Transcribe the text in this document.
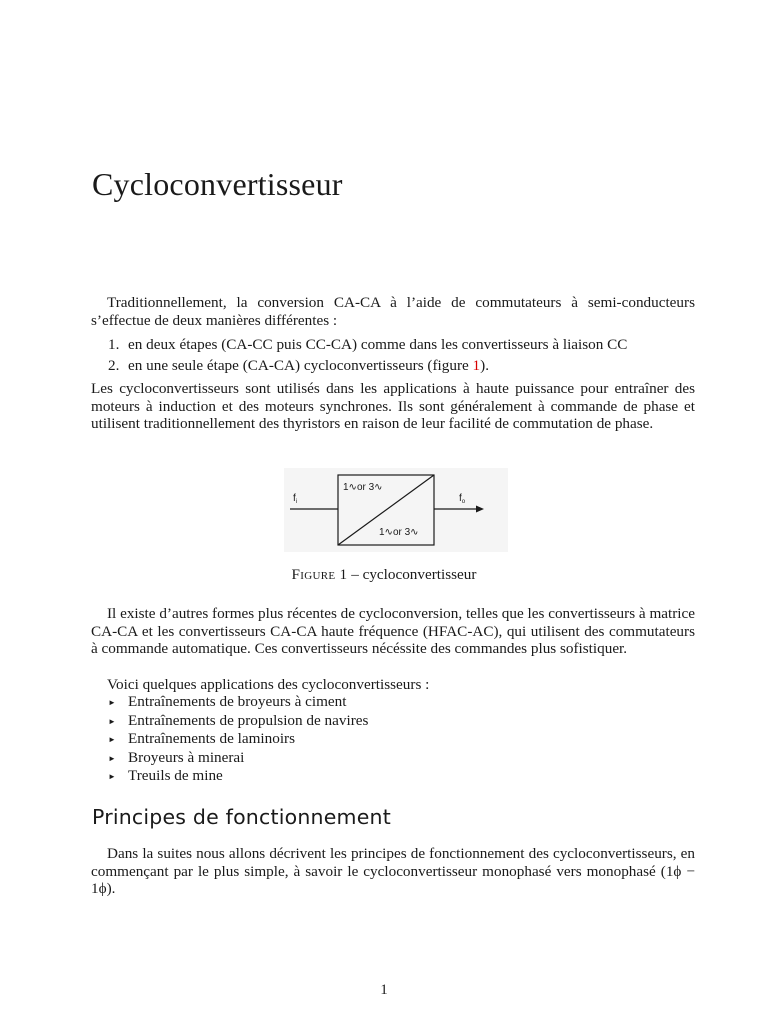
Cycloconvertisseur
Traditionnellement, la conversion CA-CA à l’aide de commutateurs à semi-conducteurs s’effectue de deux manières différentes :
1. en deux étapes (CA-CC puis CC-CA) comme dans les convertisseurs à liaison CC
2. en une seule étape (CA-CA) cycloconvertisseurs (figure 1).
Les cycloconvertisseurs sont utilisés dans les applications à haute puissance pour entraîner des moteurs à induction et des moteurs synchrones. Ils sont généralement à commande de phase et utilisent traditionnellement des thyristors en raison de leur facilité de commutation de phase.
$f_i$	$f_o$
1∿or 3∿
1∿or 3∿
Figure 1 – cycloconvertisseur
Il existe d’autres formes plus récentes de cycloconversion, telles que les convertisseurs à matrice CA-CA et les convertisseurs CA-CA haute fréquence (HFAC-AC), qui utilisent des commutateurs à commande automatique. Ces convertisseurs nécéssite des commandes plus sofistiquer.
Voici quelques applications des cycloconvertisseurs :
► Entraînements de broyeurs à ciment
► Entraînements de propulsion de navires
► Entraînements de laminoirs
► Broyeurs à minerai
► Treuils de mine
Principes de fonctionnement
Dans la suites nous allons décrivent les principes de fonctionnement des cycloconvertisseurs, en commençant par le plus simple, à savoir le cycloconvertisseur monophasé vers monophasé (1ϕ − 1ϕ).
1
